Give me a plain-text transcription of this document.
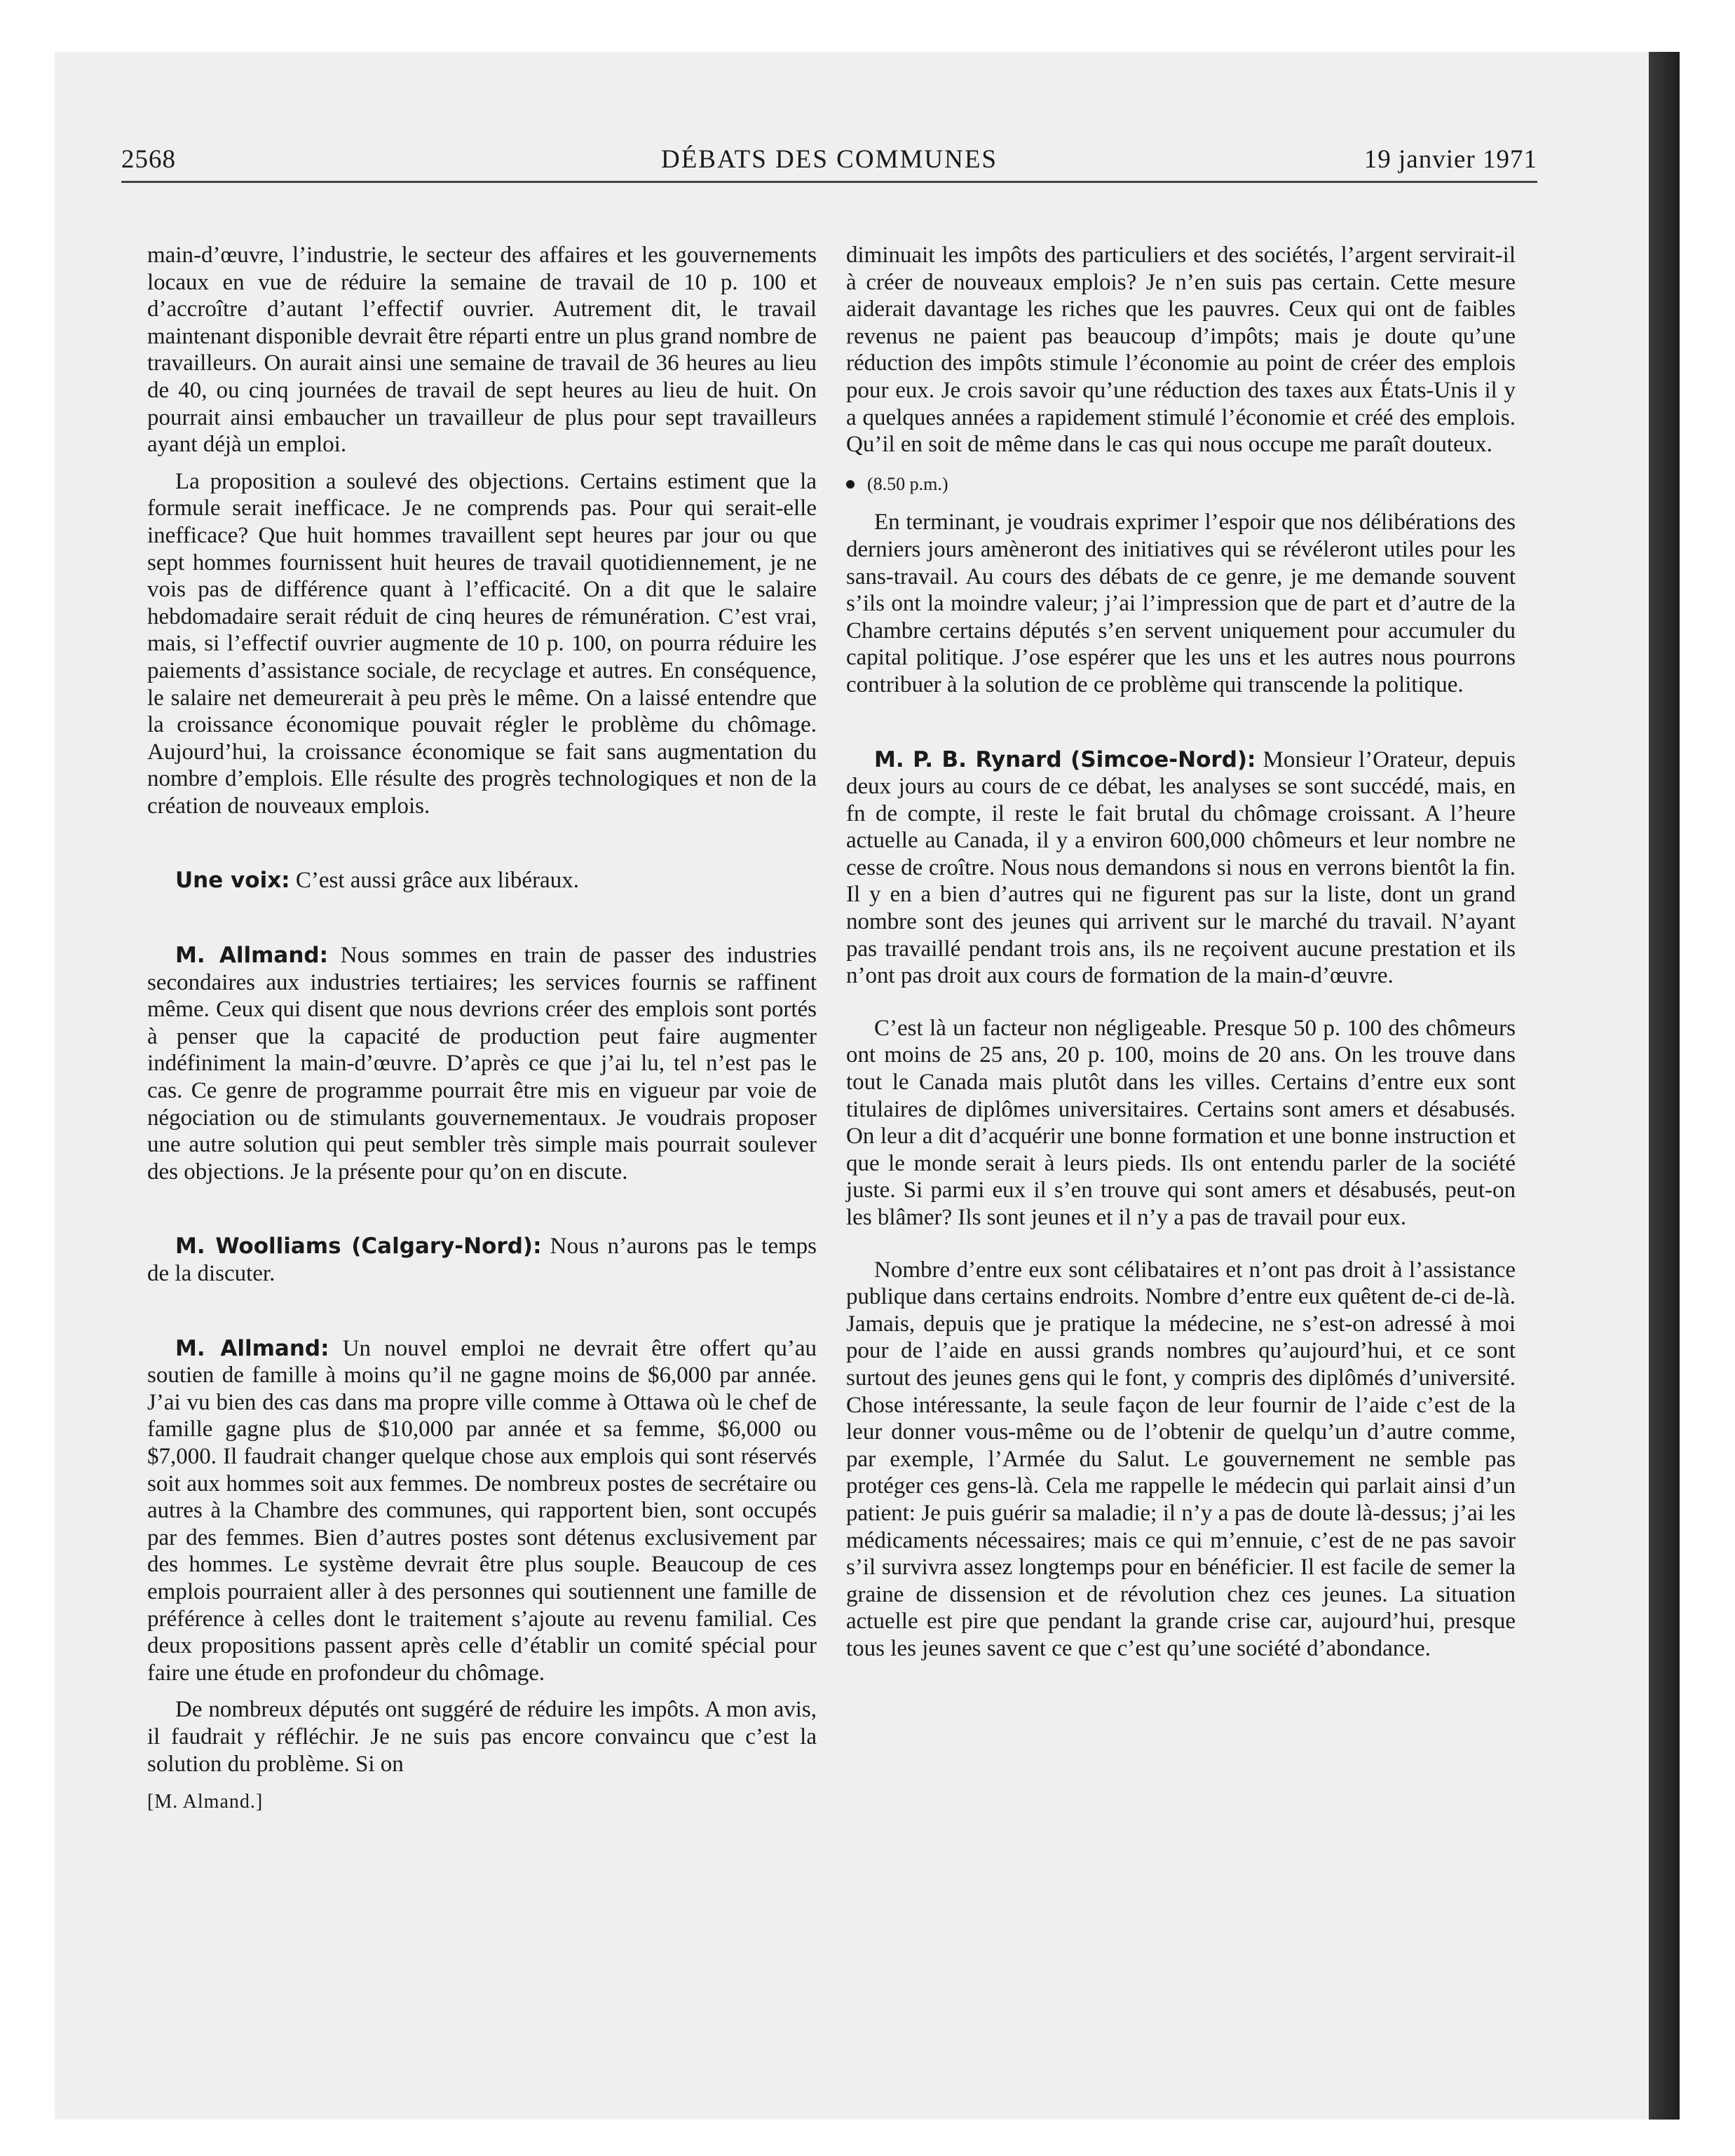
2568	DÉBATS DES COMMUNES	19 janvier 1971

main-d’œuvre, l’industrie, le secteur des affaires et les gouvernements locaux en vue de réduire la semaine de travail de 10 p. 100 et d’accroître d’autant l’effectif ouvrier. Autrement dit, le travail maintenant disponible devrait être réparti entre un plus grand nombre de travailleurs. On aurait ainsi une semaine de travail de 36 heures au lieu de 40, ou cinq journées de travail de sept heures au lieu de huit. On pourrait ainsi embaucher un travailleur de plus pour sept travailleurs ayant déjà un emploi.

La proposition a soulevé des objections. Certains estiment que la formule serait inefficace. Je ne comprends pas. Pour qui serait-elle inefficace? Que huit hommes travaillent sept heures par jour ou que sept hommes fournissent huit heures de travail quotidiennement, je ne vois pas de différence quant à l’efficacité. On a dit que le salaire hebdomadaire serait réduit de cinq heures de rémunération. C’est vrai, mais, si l’effectif ouvrier augmente de 10 p. 100, on pourra réduire les paiements d’assistance sociale, de recyclage et autres. En conséquence, le salaire net demeurerait à peu près le même. On a laissé entendre que la croissance économique pouvait régler le problème du chômage. Aujourd’hui, la croissance économique se fait sans augmentation du nombre d’emplois. Elle résulte des progrès technologiques et non de la création de nouveaux emplois.

Une voix: C’est aussi grâce aux libéraux.

M. Allmand: Nous sommes en train de passer des industries secondaires aux industries tertiaires; les services fournis se raffinent même. Ceux qui disent que nous devrions créer des emplois sont portés à penser que la capacité de production peut faire augmenter indéfiniment la main-d’œuvre. D’après ce que j’ai lu, tel n’est pas le cas. Ce genre de programme pourrait être mis en vigueur par voie de négociation ou de stimulants gouvernementaux. Je voudrais proposer une autre solution qui peut sembler très simple mais pourrait soulever des objections. Je la présente pour qu’on en discute.

M. Woolliams (Calgary-Nord): Nous n’aurons pas le temps de la discuter.

M. Allmand: Un nouvel emploi ne devrait être offert qu’au soutien de famille à moins qu’il ne gagne moins de $6,000 par année. J’ai vu bien des cas dans ma propre ville comme à Ottawa où le chef de famille gagne plus de $10,000 par année et sa femme, $6,000 ou $7,000. Il faudrait changer quelque chose aux emplois qui sont réservés soit aux hommes soit aux femmes. De nombreux postes de secrétaire ou autres à la Chambre des communes, qui rapportent bien, sont occupés par des femmes. Bien d’autres postes sont détenus exclusivement par des hommes. Le système devrait être plus souple. Beaucoup de ces emplois pourraient aller à des personnes qui soutiennent une famille de préférence à celles dont le traitement s’ajoute au revenu familial. Ces deux propositions passent après celle d’établir un comité spécial pour faire une étude en profondeur du chômage.

De nombreux députés ont suggéré de réduire les impôts. A mon avis, il faudrait y réfléchir. Je ne suis pas encore convaincu que c’est la solution du problème. Si on

[M. Almand.]

diminuait les impôts des particuliers et des sociétés, l’argent servirait-il à créer de nouveaux emplois? Je n’en suis pas certain. Cette mesure aiderait davantage les riches que les pauvres. Ceux qui ont de faibles revenus ne paient pas beaucoup d’impôts; mais je doute qu’une réduction des impôts stimule l’économie au point de créer des emplois pour eux. Je crois savoir qu’une réduction des taxes aux États-Unis il y a quelques années a rapidement stimulé l’économie et créé des emplois. Qu’il en soit de même dans le cas qui nous occupe me paraît douteux.

(8.50 p.m.)

En terminant, je voudrais exprimer l’espoir que nos délibérations des derniers jours amèneront des initiatives qui se révéleront utiles pour les sans-travail. Au cours des débats de ce genre, je me demande souvent s’ils ont la moindre valeur; j’ai l’impression que de part et d’autre de la Chambre certains députés s’en servent uniquement pour accumuler du capital politique. J’ose espérer que les uns et les autres nous pourrons contribuer à la solution de ce problème qui transcende la politique.

M. P. B. Rynard (Simcoe-Nord): Monsieur l’Orateur, depuis deux jours au cours de ce débat, les analyses se sont succédé, mais, en fn de compte, il reste le fait brutal du chômage croissant. A l’heure actuelle au Canada, il y a environ 600,000 chômeurs et leur nombre ne cesse de croître. Nous nous demandons si nous en verrons bientôt la fin. Il y en a bien d’autres qui ne figurent pas sur la liste, dont un grand nombre sont des jeunes qui arrivent sur le marché du travail. N’ayant pas travaillé pendant trois ans, ils ne reçoivent aucune prestation et ils n’ont pas droit aux cours de formation de la main-d’œuvre.

C’est là un facteur non négligeable. Presque 50 p. 100 des chômeurs ont moins de 25 ans, 20 p. 100, moins de 20 ans. On les trouve dans tout le Canada mais plutôt dans les villes. Certains d’entre eux sont titulaires de diplômes universitaires. Certains sont amers et désabusés. On leur a dit d’acquérir une bonne formation et une bonne instruction et que le monde serait à leurs pieds. Ils ont entendu parler de la société juste. Si parmi eux il s’en trouve qui sont amers et désabusés, peut-on les blâmer? Ils sont jeunes et il n’y a pas de travail pour eux.

Nombre d’entre eux sont célibataires et n’ont pas droit à l’assistance publique dans certains endroits. Nombre d’entre eux quêtent de-ci de-là. Jamais, depuis que je pratique la médecine, ne s’est-on adressé à moi pour de l’aide en aussi grands nombres qu’aujourd’hui, et ce sont surtout des jeunes gens qui le font, y compris des diplômés d’université. Chose intéressante, la seule façon de leur fournir de l’aide c’est de la leur donner vous-même ou de l’obtenir de quelqu’un d’autre comme, par exemple, l’Armée du Salut. Le gouvernement ne semble pas protéger ces gens-là. Cela me rappelle le médecin qui parlait ainsi d’un patient: Je puis guérir sa maladie; il n’y a pas de doute là-dessus; j’ai les médicaments nécessaires; mais ce qui m’ennuie, c’est de ne pas savoir s’il survivra assez longtemps pour en bénéficier. Il est facile de semer la graine de dissension et de révolution chez ces jeunes. La situation actuelle est pire que pendant la grande crise car, aujourd’hui, presque tous les jeunes savent ce que c’est qu’une société d’abondance.
